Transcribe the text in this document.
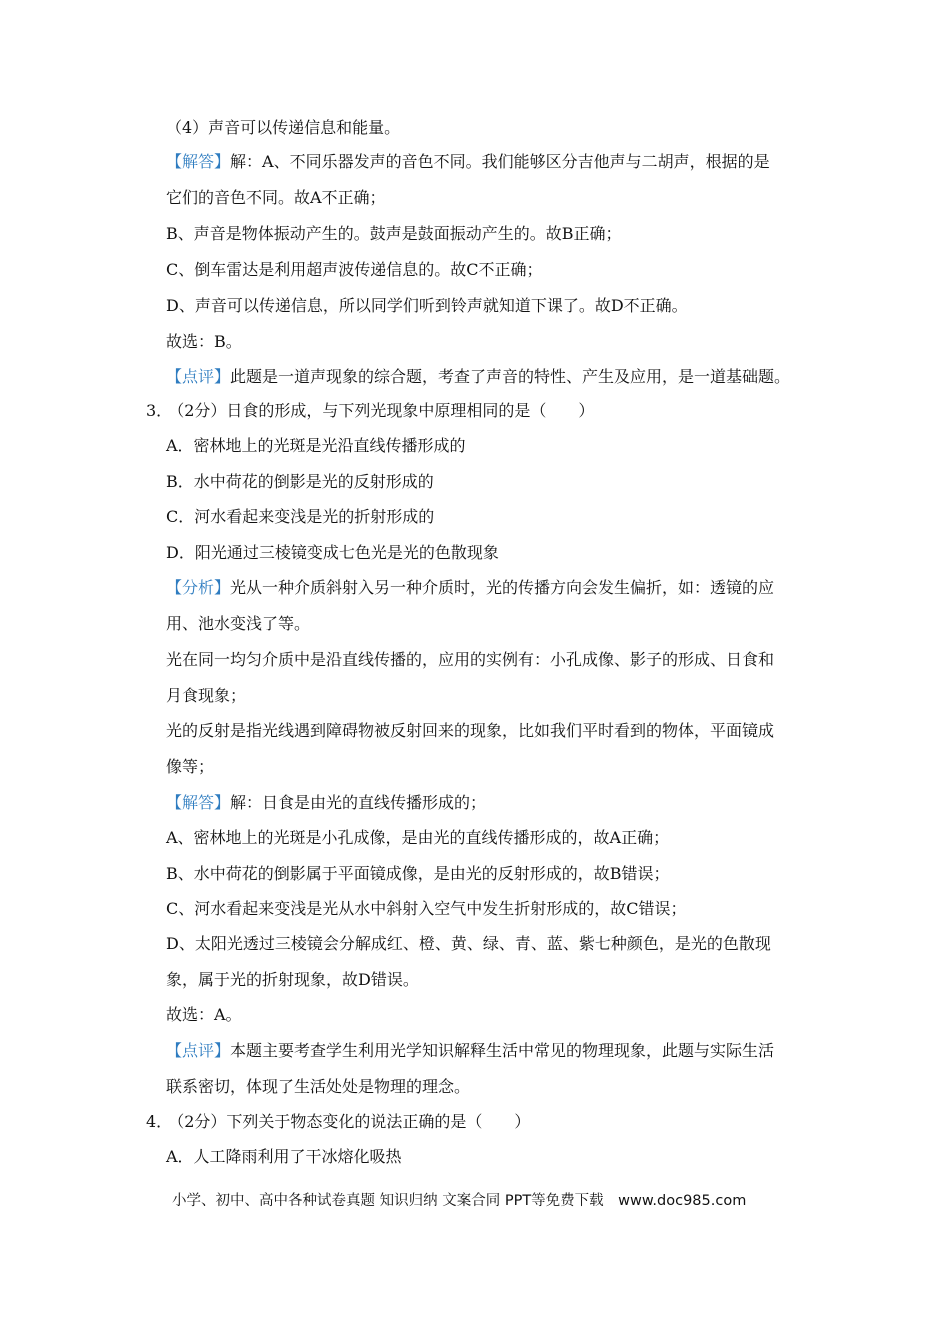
（4）声音可以传递信息和能量。
【解答】解：A、不同乐器发声的音色不同。我们能够区分吉他声与二胡声，根据的是
它们的音色不同。故A不正确；
B、声音是物体振动产生的。鼓声是鼓面振动产生的。故B正确；
C、倒车雷达是利用超声波传递信息的。故C不正确；
D、声音可以传递信息，所以同学们听到铃声就知道下课了。故D不正确。
故选：B。
【点评】此题是一道声现象的综合题，考查了声音的特性、产生及应用，是一道基础题。
3． （2分）日食的形成，与下列光现象中原理相同的是（　　）
A．密林地上的光斑是光沿直线传播形成的
B．水中荷花的倒影是光的反射形成的
C．河水看起来变浅是光的折射形成的
D．阳光通过三棱镜变成七色光是光的色散现象
【分析】光从一种介质斜射入另一种介质时，光的传播方向会发生偏折，如：透镜的应
用、池水变浅了等。
光在同一均匀介质中是沿直线传播的，应用的实例有：小孔成像、影子的形成、日食和
月食现象；
光的反射是指光线遇到障碍物被反射回来的现象，比如我们平时看到的物体，平面镜成
像等；
【解答】解：日食是由光的直线传播形成的；
A、密林地上的光斑是小孔成像，是由光的直线传播形成的，故A正确；
B、水中荷花的倒影属于平面镜成像，是由光的反射形成的，故B错误；
C、河水看起来变浅是光从水中斜射入空气中发生折射形成的，故C错误；
D、太阳光透过三棱镜会分解成红、橙、黄、绿、青、蓝、紫七种颜色，是光的色散现
象，属于光的折射现象，故D错误。
故选：A。
【点评】本题主要考查学生利用光学知识解释生活中常见的物理现象，此题与实际生活
联系密切，体现了生活处处是物理的理念。
4． （2分）下列关于物态变化的说法正确的是（　　）
A．人工降雨利用了干冰熔化吸热
小学、初中、高中各种试卷真题 知识归纳 文案合同 PPT等免费下载　www.doc985.com
